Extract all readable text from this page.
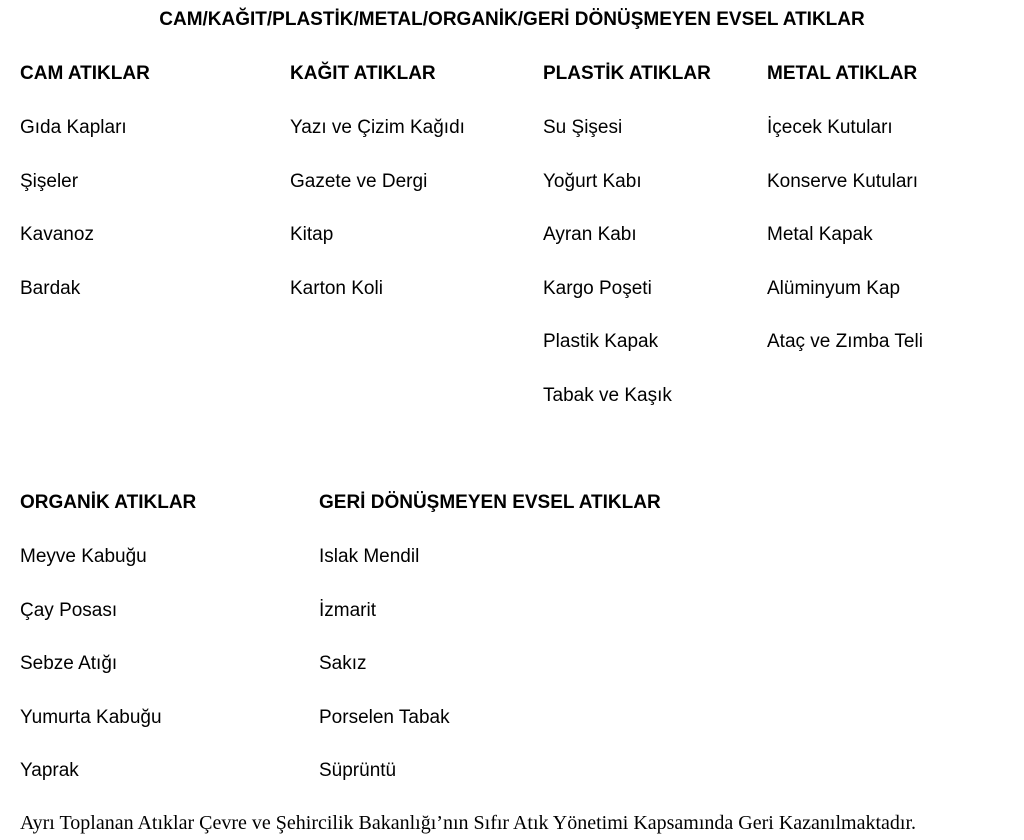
CAM/KAĞIT/PLASTİK/METAL/ORGANİK/GERİ DÖNÜŞMEYEN EVSEL ATIKLAR
CAM ATIKLAR
Gıda Kapları
Şişeler
Kavanoz
Bardak
KAĞIT ATIKLAR
Yazı ve Çizim Kağıdı
Gazete ve Dergi
Kitap
Karton Koli
PLASTİK ATIKLAR
Su Şişesi
Yoğurt Kabı
Ayran Kabı
Kargo Poşeti
Plastik Kapak
Tabak ve Kaşık
METAL ATIKLAR
İçecek Kutuları
Konserve Kutuları
Metal Kapak
Alüminyum Kap
Ataç ve Zımba Teli
ORGANİK ATIKLAR
Meyve Kabuğu
Çay Posası
Sebze Atığı
Yumurta Kabuğu
Yaprak
GERİ DÖNÜŞMEYEN EVSEL ATIKLAR
Islak Mendil
İzmarit
Sakız
Porselen Tabak
Süprüntü
Ayrı Toplanan Atıklar Çevre ve Şehircilik Bakanlığı’nın Sıfır Atık Yönetimi Kapsamında Geri Kazanılmaktadır.
